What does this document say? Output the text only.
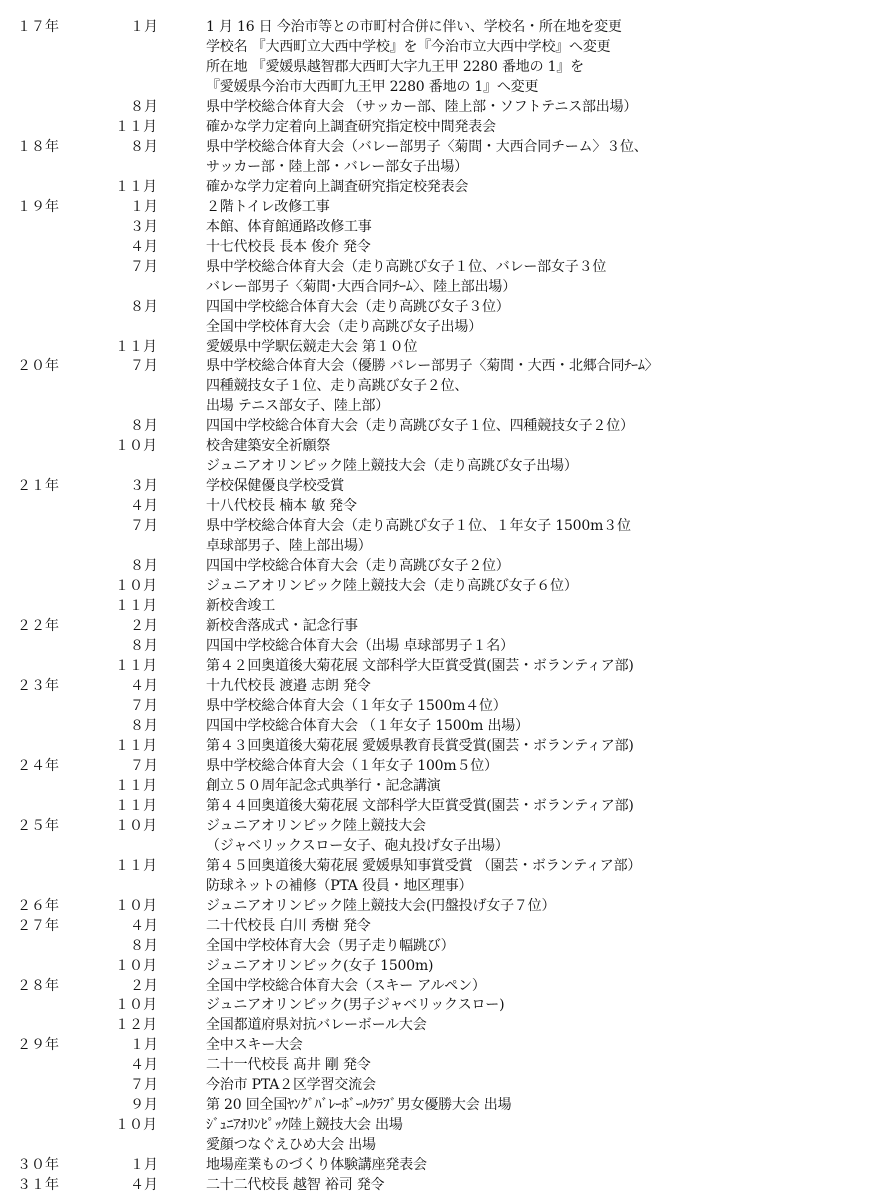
１７年	１月	1 月 16 日 今治市等との市町村合併に伴い、学校名・所在地を変更
学校名 『大西町立大西中学校』を『今治市立大西中学校』へ変更
所在地 『愛媛県越智郡大西町大字九王甲 2280 番地の 1』を
『愛媛県今治市大西町九王甲 2280 番地の 1』へ変更
８月	県中学校総合体育大会 （サッカー部、陸上部・ソフトテニス部出場）
１１月	確かな学力定着向上調査研究指定校中間発表会
１８年	８月	県中学校総合体育大会（バレー部男子〈菊間・大西合同チーム〉３位、
サッカー部・陸上部・バレー部女子出場）
１１月	確かな学力定着向上調査研究指定校発表会
１９年	１月	２階トイレ改修工事
３月	本館、体育館通路改修工事
４月	十七代校長 長本 俊介 発令
７月	県中学校総合体育大会（走り高跳び女子１位、バレー部女子３位
バレー部男子〈菊間･大西合同ﾁｰﾑ〉、陸上部出場）
８月	四国中学校総合体育大会（走り高跳び女子３位）
全国中学校体育大会（走り高跳び女子出場）
１１月	愛媛県中学駅伝競走大会 第１０位
２０年	７月	県中学校総合体育大会（優勝 バレー部男子〈菊間・大西・北郷合同ﾁｰﾑ〉
四種競技女子１位、走り高跳び女子２位、
出場 テニス部女子、陸上部）
８月	四国中学校総合体育大会（走り高跳び女子１位、四種競技女子２位）
１０月	校舎建築安全祈願祭
ジュニアオリンピック陸上競技大会（走り高跳び女子出場）
２１年	３月	学校保健優良学校受賞
４月	十八代校長 楠本 敏 発令
７月	県中学校総合体育大会（走り高跳び女子１位、１年女子 1500m３位
卓球部男子、陸上部出場）
８月	四国中学校総合体育大会（走り高跳び女子２位）
１０月	ジュニアオリンピック陸上競技大会（走り高跳び女子６位）
１１月	新校舎竣工
２２年	２月	新校舎落成式・記念行事
８月	四国中学校総合体育大会（出場 卓球部男子１名）
１１月	第４２回奥道後大菊花展 文部科学大臣賞受賞(園芸・ボランティア部)
２３年	４月	十九代校長 渡邉 志朗 発令
７月	県中学校総合体育大会（１年女子 1500m４位）
８月	四国中学校総合体育大会 （１年女子 1500m 出場）
１１月	第４３回奥道後大菊花展 愛媛県教育長賞受賞(園芸・ボランティア部)
２４年	７月	県中学校総合体育大会（１年女子 100m５位）
１１月	創立５０周年記念式典挙行・記念講演
１１月	第４４回奥道後大菊花展 文部科学大臣賞受賞(園芸・ボランティア部)
２５年	１０月	ジュニアオリンピック陸上競技大会
（ジャベリックスロー女子、砲丸投げ女子出場）
１１月	第４５回奥道後大菊花展 愛媛県知事賞受賞 （園芸・ボランティア部）
防球ネットの補修（PTA 役員・地区理事）
２６年	１０月	ジュニアオリンピック陸上競技大会(円盤投げ女子７位）
２７年	４月	二十代校長 白川 秀樹 発令
８月	全国中学校体育大会（男子走り幅跳び）
１０月	ジュニアオリンピック(女子 1500m)
２８年	２月	全国中学校総合体育大会（スキー アルペン）
１０月	ジュニアオリンピック(男子ジャベリックスロー)
１２月	全国都道府県対抗バレーボール大会
２９年	１月	全中スキー大会
４月	二十一代校長 髙井 剛 発令
７月	今治市 PTA２区学習交流会
９月	第 20 回全国ﾔﾝｸﾞﾊﾞﾚｰﾎﾞｰﾙｸﾗﾌﾞ男女優勝大会 出場
１０月	ｼﾞｭﾆｱｵﾘﾝﾋﾟｯｸ陸上競技大会 出場
愛顔つなぐえひめ大会 出場
３０年	１月	地場産業ものづくり体験講座発表会
３１年	４月	二十二代校長 越智 裕司 発令
